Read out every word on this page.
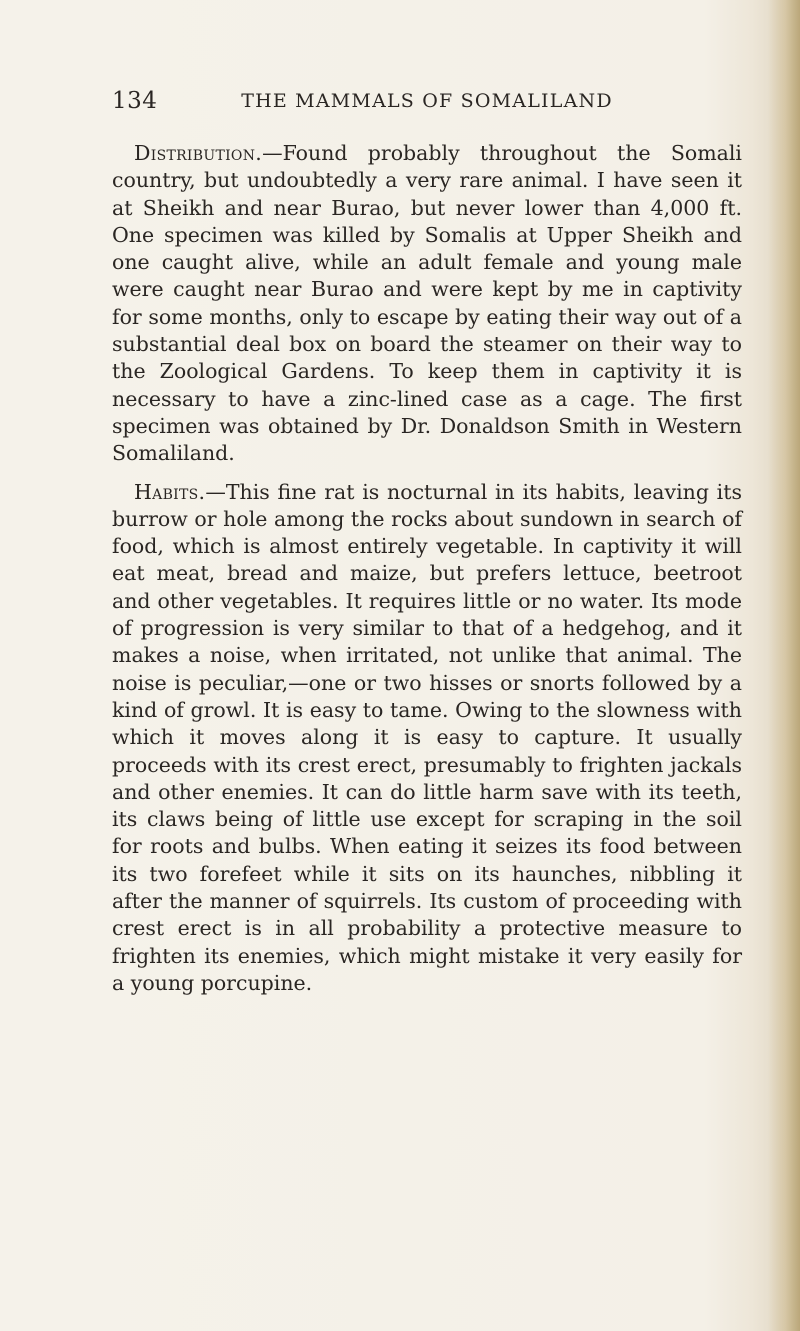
134	THE MAMMALS OF SOMALILAND

Distribution.—Found probably throughout the Somali country, but undoubtedly a very rare animal. I have seen it at Sheikh and near Burao, but never lower than 4,000 ft. One specimen was killed by Somalis at Upper Sheikh and one caught alive, while an adult female and young male were caught near Burao and were kept by me in captivity for some months, only to escape by eating their way out of a substantial deal box on board the steamer on their way to the Zoological Gardens. To keep them in captivity it is necessary to have a zinc-lined case as a cage. The first specimen was obtained by Dr. Donaldson Smith in Western Somaliland.

Habits.—This fine rat is nocturnal in its habits, leaving its burrow or hole among the rocks about sundown in search of food, which is almost entirely vegetable. In captivity it will eat meat, bread and maize, but prefers lettuce, beetroot and other vegetables. It requires little or no water. Its mode of progression is very similar to that of a hedgehog, and it makes a noise, when irritated, not unlike that animal. The noise is peculiar,—one or two hisses or snorts followed by a kind of growl. It is easy to tame. Owing to the slowness with which it moves along it is easy to capture. It usually proceeds with its crest erect, presumably to frighten jackals and other enemies. It can do little harm save with its teeth, its claws being of little use except for scraping in the soil for roots and bulbs. When eating it seizes its food between its two forefeet while it sits on its haunches, nibbling it after the manner of squirrels. Its custom of proceeding with crest erect is in all probability a protective measure to frighten its enemies, which might mistake it very easily for a young porcupine.
